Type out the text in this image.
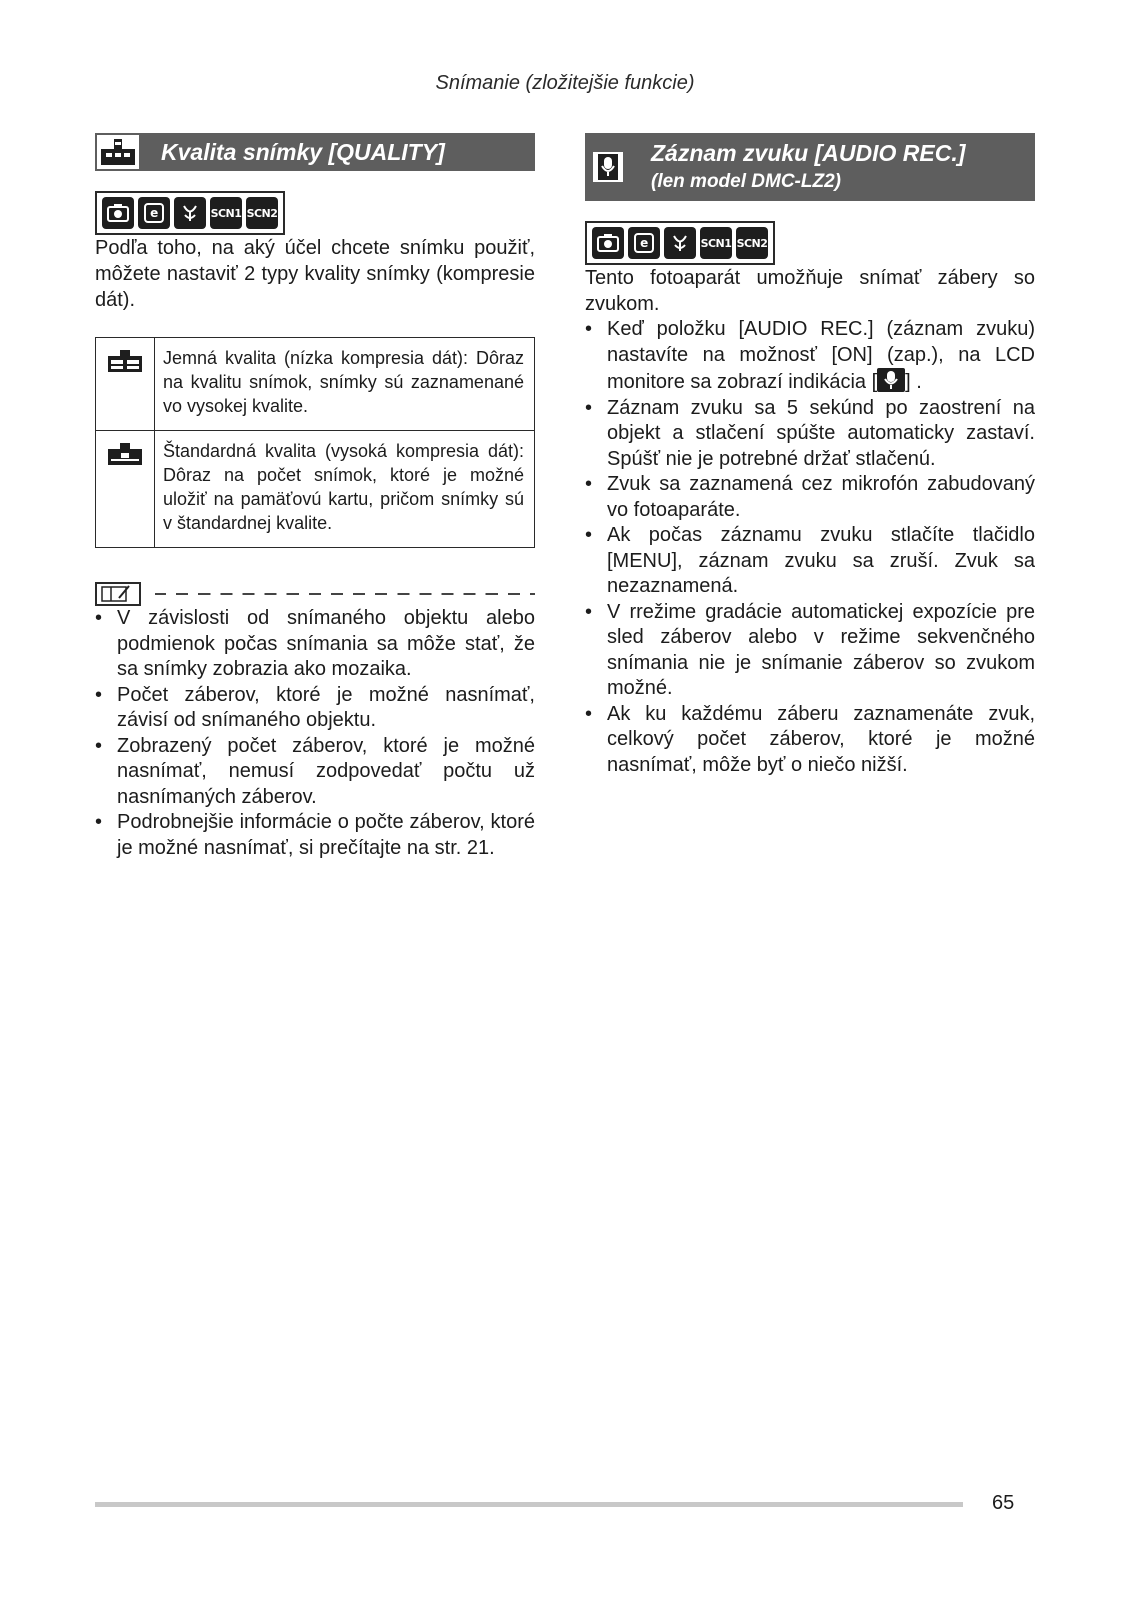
Snímanie (zložitejšie funkcie)
Kvalita snímky [QUALITY]
e	SCN1 SCN2

Podľa toho, na aký účel chcete snímku použiť, môžete nastaviť 2 typy kvality snímky (kompresie dát).

	Jemná kvalita (nízka kompresia dát): Dôraz na kvalitu snímok, snímky sú zaznamenané vo vysokej kvalite.
	Štandardná kvalita (vysoká kompresia dát): Dôraz na počet snímok, ktoré je možné uložiť na pamäťovú kartu, pričom snímky sú v štandardnej kvalite.
• V závislosti od snímaného objektu alebo podmienok počas snímania sa môže stať, že sa snímky zobrazia ako mozaika.
• Počet záberov, ktoré je možné nasnímať, závisí od snímaného objektu.
• Zobrazený počet záberov, ktoré je možné nasnímať, nemusí zodpovedať počtu už nasnímaných záberov.
• Podrobnejšie informácie o počte záberov, ktoré je možné nasnímať, si prečítajte na str. 21.
Záznam zvuku [AUDIO REC.]
(len model DMC-LZ2)
e	SCN1 SCN2

Tento fotoaparát umožňuje snímať zábery so zvukom.

• Keď položku [AUDIO REC.] (záznam zvuku) nastavíte na možnosť [ON] (zap.), na LCD monitore sa zobrazí indikácia [ ] .
• Záznam zvuku sa 5 sekúnd po zaostrení na objekt a stlačení spúšte automaticky zastaví. Spúšť nie je potrebné držať stlačenú.
• Zvuk sa zaznamená cez mikrofón zabudovaný vo fotoaparáte.
• Ak počas záznamu zvuku stlačíte tlačidlo [MENU], záznam zvuku sa zruší. Zvuk sa nezaznamená.
• V rrežime gradácie automatickej expozície pre sled záberov alebo v režime sekvenčného snímania nie je snímanie záberov so zvukom možné.
• Ak ku každému záberu zaznamenáte zvuk, celkový počet záberov, ktoré je možné nasnímať, môže byť o niečo nižší.
65
